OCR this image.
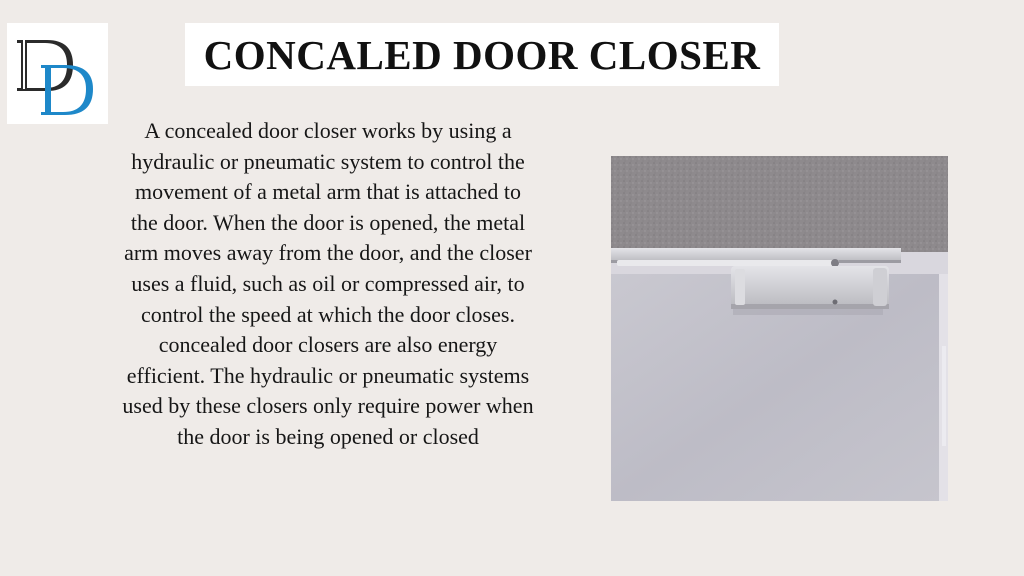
CONCALED DOOR CLOSER

A concealed door closer works by using a hydraulic or pneumatic system to control the movement of a metal arm that is attached to the door. When the door is opened, the metal arm moves away from the door, and the closer uses a fluid, such as oil or compressed air, to control the speed at which the door closes. concealed door closers are also energy efficient. The hydraulic or pneumatic systems used by these closers only require power when the door is being opened or closed
